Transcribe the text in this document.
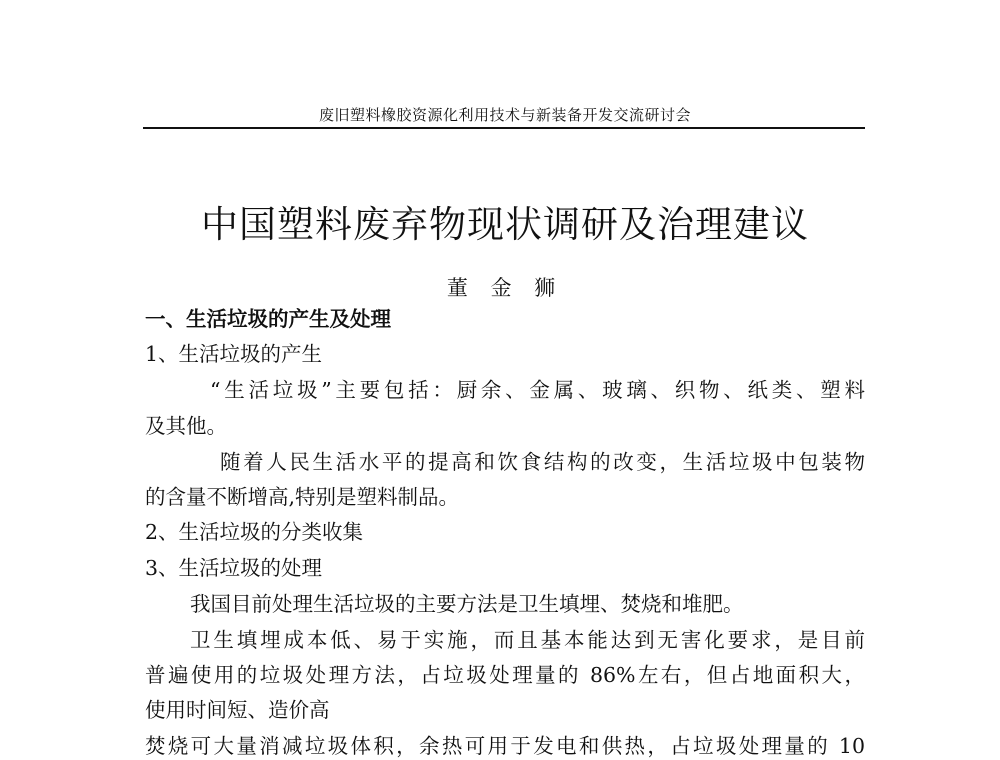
废旧塑料橡胶资源化利用技术与新装备开发交流研讨会
中国塑料废弃物现状调研及治理建议
董 金 狮
一、生活垃圾的产生及处理
1、生活垃圾的产生
“生活垃圾”主要包括：厨余、金属、玻璃、织物、纸类、塑料
及其他。
随着人民生活水平的提高和饮食结构的改变，生活垃圾中包装物
的含量不断增高,特别是塑料制品。
2、生活垃圾的分类收集
3、生活垃圾的处理
我国目前处理生活垃圾的主要方法是卫生填埋、焚烧和堆肥。
卫生填埋成本低、易于实施，而且基本能达到无害化要求，是目前
普遍使用的垃圾处理方法，占垃圾处理量的 86%左右，但占地面积大，
使用时间短、造价高
焚烧可大量消减垃圾体积，余热可用于发电和供热，占垃圾处理量的 10
